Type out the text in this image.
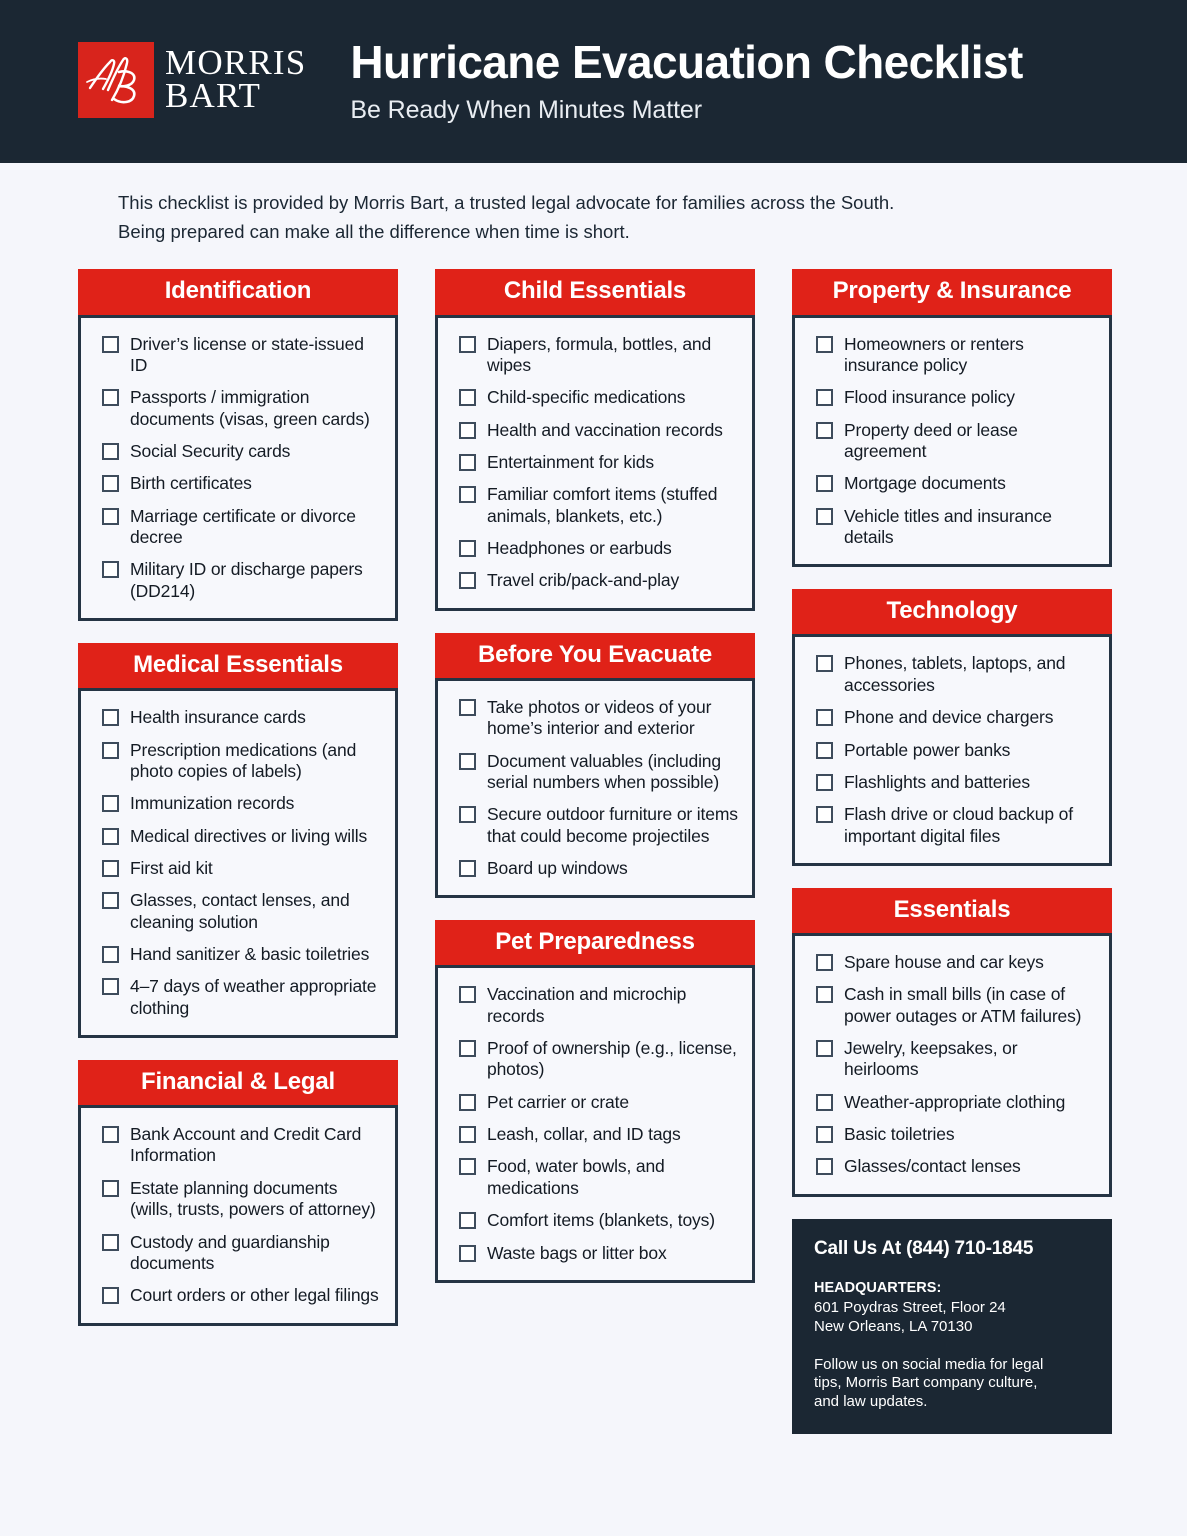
MORRIS
BART
Hurricane Evacuation Checklist
Be Ready When Minutes Matter
This checklist is provided by Morris Bart, a trusted legal advocate for families across the South.
Being prepared can make all the difference when time is short.
Identification
Driver’s license or state-issued ID
Passports / immigration documents (visas, green cards)
Social Security cards
Birth certificates
Marriage certificate or divorce decree
Military ID or discharge papers (DD214)
Medical Essentials
Health insurance cards
Prescription medications (and photo copies of labels)
Immunization records
Medical directives or living wills
First aid kit
Glasses, contact lenses, and cleaning solution
Hand sanitizer & basic toiletries
4–7 days of weather appropriate clothing
Financial & Legal
Bank Account and Credit Card Information
Estate planning documents (wills, trusts, powers of attorney)
Custody and guardianship documents
Court orders or other legal filings
Child Essentials
Diapers, formula, bottles, and wipes
Child-specific medications
Health and vaccination records
Entertainment for kids
Familiar comfort items (stuffed animals, blankets, etc.)
Headphones or earbuds
Travel crib/pack-and-play
Before You Evacuate
Take photos or videos of your home’s interior and exterior
Document valuables (including serial numbers when possible)
Secure outdoor furniture or items that could become projectiles
Board up windows
Pet Preparedness
Vaccination and microchip records
Proof of ownership (e.g., license, photos)
Pet carrier or crate
Leash, collar, and ID tags
Food, water bowls, and medications
Comfort items (blankets, toys)
Waste bags or litter box
Property & Insurance
Homeowners or renters insurance policy
Flood insurance policy
Property deed or lease agreement
Mortgage documents
Vehicle titles and insurance details
Technology
Phones, tablets, laptops, and accessories
Phone and device chargers
Portable power banks
Flashlights and batteries
Flash drive or cloud backup of important digital files
Essentials
Spare house and car keys
Cash in small bills (in case of power outages or ATM failures)
Jewelry, keepsakes, or heirlooms
Weather-appropriate clothing
Basic toiletries
Glasses/contact lenses
Call Us At (844) 710-1845
HEADQUARTERS:
601 Poydras Street, Floor 24
New Orleans, LA 70130
Follow us on social media for legal
tips, Morris Bart company culture,
and law updates.
